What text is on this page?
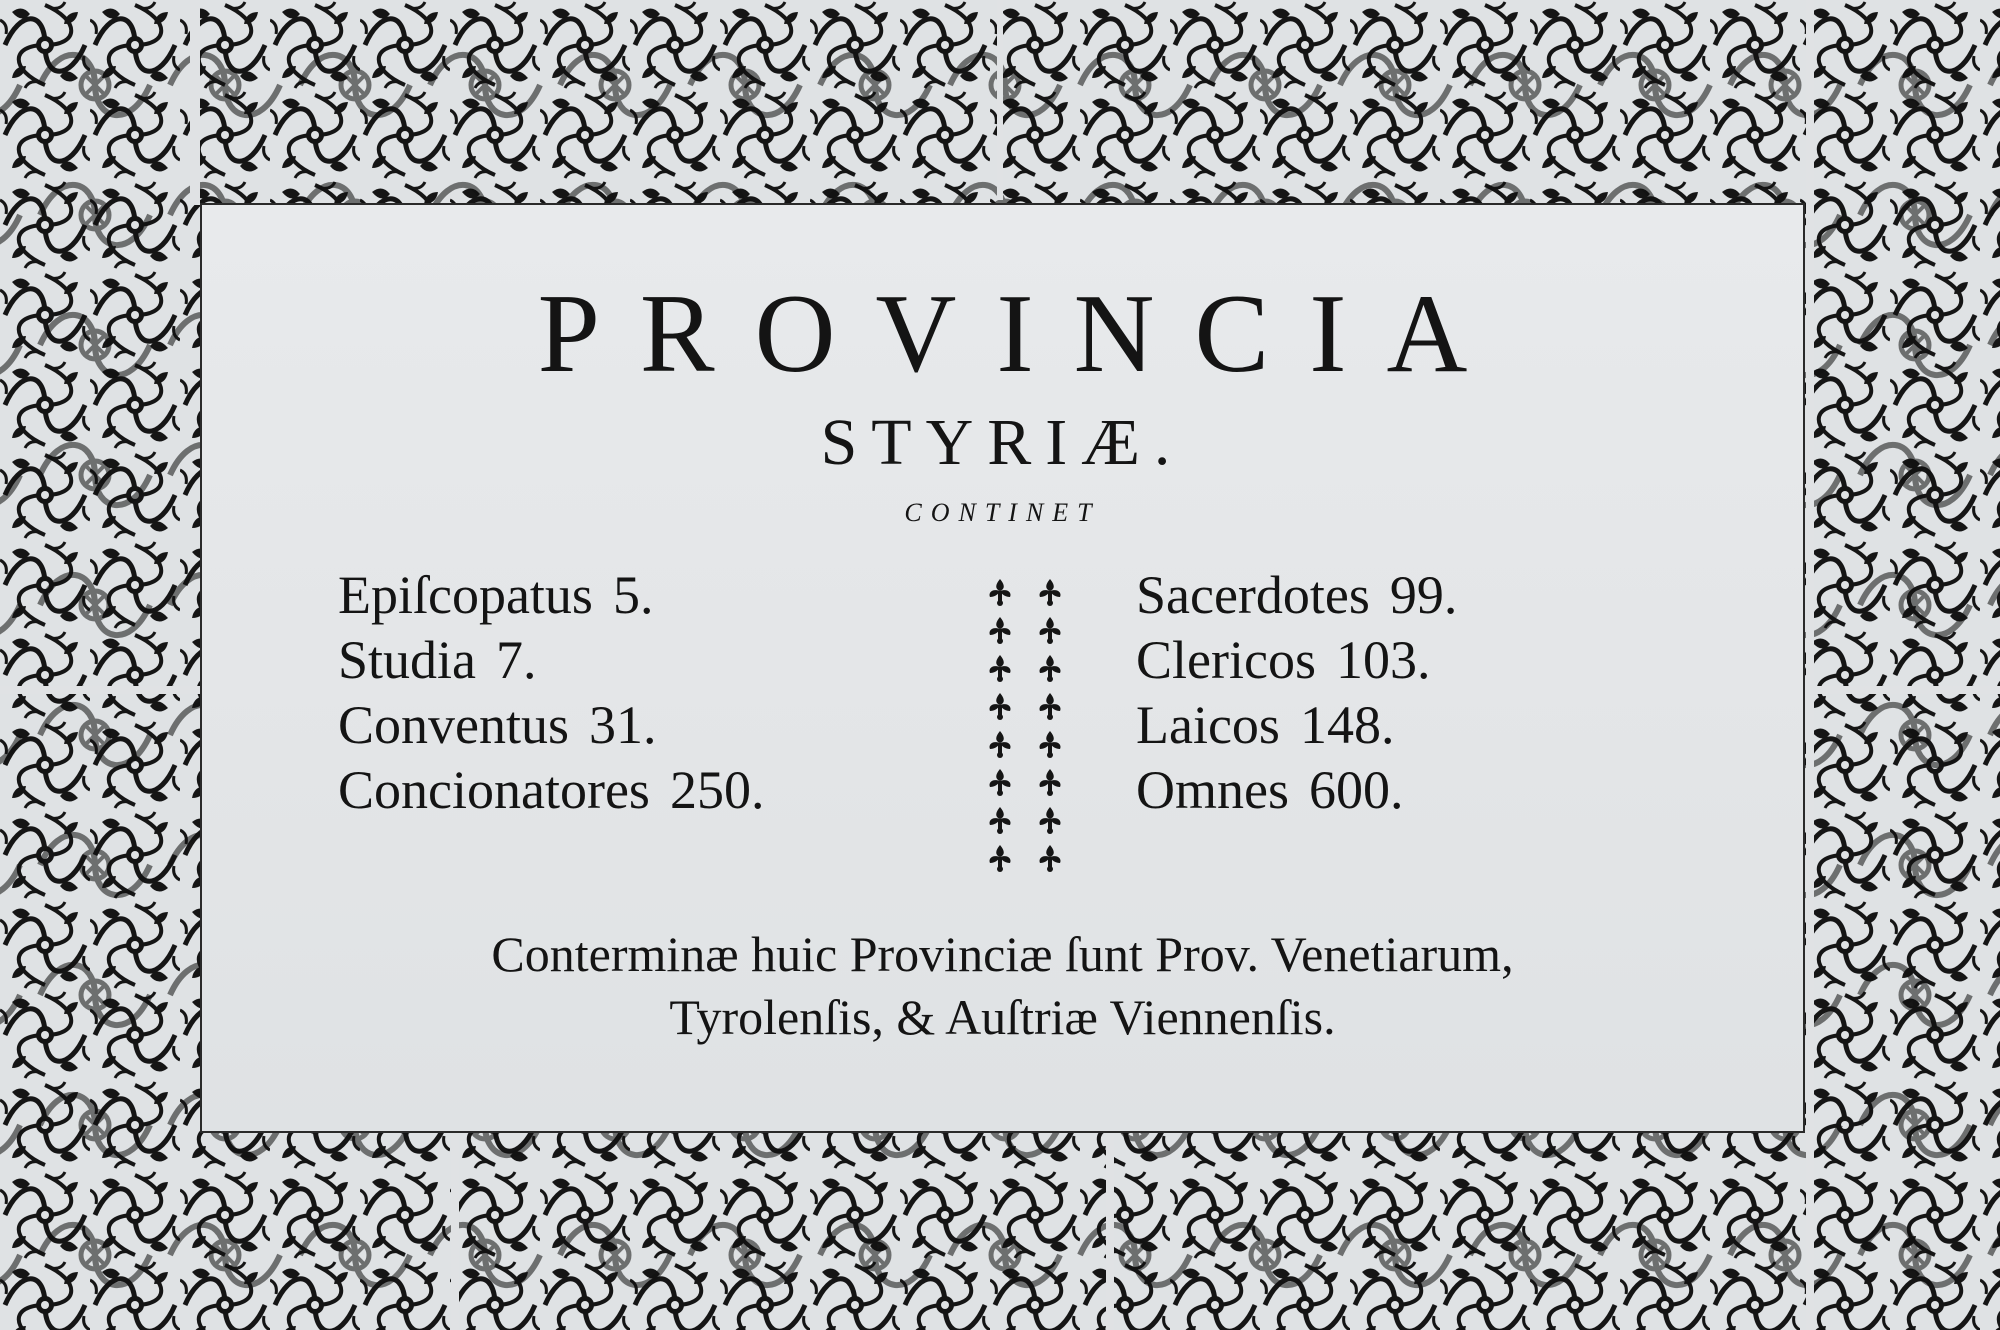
PROVINCIA
STYRIÆ.
CONTINET
Epiſcopatus 5.
Studia 7.
Conventus 31.
Concionatores 250.
Sacerdotes 99.
Clericos 103.
Laicos 148.
Omnes 600.

Conterminæ huic Provinciæ ſunt Prov. Venetiarum,
Tyrolenſis, & Auſtriæ Viennenſis.
